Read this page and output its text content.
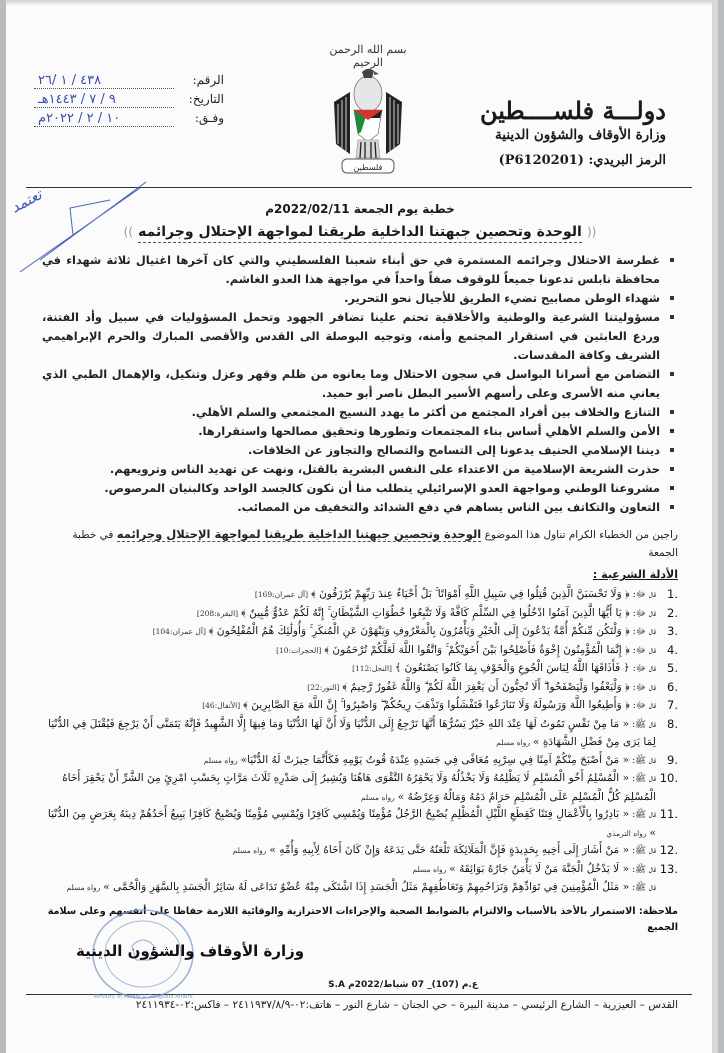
دولـــة فلســــطين
وزارة الأوقاف والشؤون الدينية
الرمز البريدي: (P6120201)
بسم الله الرحمن الرحيم
فلسطين
الرقم:
٤٣٨ / ١ /٢٦
التاريخ:
٩ / ٧ / ١٤٤٣هـ
وفـق:
١٠ / ٢ / ٢٠٢٢م
تعتمد	خطبة يوم الجمعة 2022/02/11م
(( الوحدة وتحصين جبهتنا الداخلية طريقنا لمواجهة الإحتلال وجرائمه ))
غطرسة الاحتلال وجرائمه المستمرة في حق أبناء شعبنا الفلسطيني والتي كان آخرها اغتيال ثلاثة شهداء في محافظة نابلس تدعونا جميعاً للوقوف صفاً واحداً في مواجهة هذا العدو الغاشم.
شهداء الوطن مصابيح تضيء الطريق للأجيال نحو التحرير.
مسؤوليتنا الشرعية والوطنية والأخلاقية تحتم علينا تضافر الجهود وتحمل المسؤوليات في سبيل وأد الفتنة، وردع العابثين في استقرار المجتمع وأمنه، وتوجيه البوصلة الى القدس والأقصى المبارك والحرم الإبراهيمي الشريف وكافة المقدسات.
التضامن مع أسرانا البواسل في سجون الاحتلال وما يعانوه من ظلم وقهر وعزل وتنكيل، والإهمال الطبي الذي يعاني منه الأسرى وعلى رأسهم الأسير البطل ناصر أبو حميد.
التنازع والخلاف بين أفراد المجتمع من أكثر ما يهدد النسيج المجتمعي والسلم الأهلي.
الأمن والسلم الأهلي أساس بناء المجتمعات وتطورها وتحقيق مصالحها واستقرارها.
ديننا الإسلامي الحنيف يدعونا إلى التسامح والتصالح والتجاوز عن الخلافات.
حذرت الشريعة الإسلامية من الاعتداء على النفس البشرية بالقتل، ونهت عن تهديد الناس وترويعهم.
مشروعنا الوطني ومواجهة العدو الإسرائيلي يتطلب منا أن نكون كالجسد الواحد وكالبنيان المرصوص.
التعاون والتكاتف بين الناس يساهم في دفع الشدائد والتخفيف من المصائب.
راجين من الخطباء الكرام تناول هذا الموضوع الوحدة وتحصين جبهتنا الداخلية طريقنا لمواجهة الإحتلال وجرائمه في خطبة الجمعة
الأدلة الشرعية :
1.
قال ﷻ:﴿ وَلَا تَحْسَبَنَّ الَّذِينَ قُتِلُوا فِي سَبِيلِ اللَّهِ أَمْوَاتًا ۚ بَلْ أَحْيَاءٌ عِندَ رَبِّهِمْ يُرْزَقُونَ ﴾[آل عمران:169]
2.
قال ﷻ:﴿ يَا أَيُّهَا الَّذِينَ آمَنُوا ادْخُلُوا فِي السِّلْمِ كَافَّةً وَلَا تَتَّبِعُوا خُطُوَاتِ الشَّيْطَانِ ۚ إِنَّهُ لَكُمْ عَدُوٌّ مُّبِينٌ ﴾[البقرة:208]
3.
قال ﷻ:﴿ وَلْتَكُن مِّنكُمْ أُمَّةٌ يَدْعُونَ إِلَى الْخَيْرِ وَيَأْمُرُونَ بِالْمَعْرُوفِ وَيَنْهَوْنَ عَنِ الْمُنكَرِ ۚ وَأُولَٰئِكَ هُمُ الْمُفْلِحُونَ ﴾[آل عمران:104]
4.
قال ﷻ:﴿ إِنَّمَا الْمُؤْمِنُونَ إِخْوَةٌ فَأَصْلِحُوا بَيْنَ أَخَوَيْكُمْ ۚ وَاتَّقُوا اللَّهَ لَعَلَّكُمْ تُرْحَمُونَ ﴾[الحجرات:10]
5.
قال ﷻ:﴿ فَأَذَاقَهَا اللَّهُ لِبَاسَ الْجُوعِ وَالْخَوْفِ بِمَا كَانُوا يَصْنَعُونَ ﴾[النحل:112]
6.
قال ﷻ:﴿ وَلْيَعْفُوا وَلْيَصْفَحُوا ۗ أَلَا تُحِبُّونَ أَن يَغْفِرَ اللَّهُ لَكُمْ ۗ وَاللَّهُ غَفُورٌ رَّحِيمٌ ﴾[النور:22]
7.
قال ﷻ:﴿ وَأَطِيعُوا اللَّهَ وَرَسُولَهُ وَلَا تَنَازَعُوا فَتَفْشَلُوا وَتَذْهَبَ رِيحُكُمْ ۖ وَاصْبِرُوا ۚ إِنَّ اللَّهَ مَعَ الصَّابِرِينَ ﴾[الأنفال:46]
8.
قال ﷺ:« مَا مِنْ نَفْسٍ تَمُوتُ لَهَا عِنْدَ اللهِ خَيْرٌ يَسُرُّهَا أَنَّهَا تَرْجِعُ إِلَى الدُّنْيَا وَلَا أَنَّ لَهَا الدُّنْيَا وَمَا فِيهَا إِلَّا الشَّهِيدُ فَإِنَّهُ يَتَمَنَّى أَنْ يَرْجِعَ فَيُقْتَلَ فِي الدُّنْيَا لِمَا يَرَى مِنْ فَضْلِ الشَّهَادَةِ »رواه مسلم
9.
قال ﷺ:« مَنْ أَصْبَحَ مِنْكُمْ آمِنًا فِي سِرْبِهِ مُعَافًى فِي جَسَدِهِ عِنْدَهُ قُوتُ يَوْمِهِ فَكَأَنَّمَا حِيزَتْ لَهُ الدُّنْيَا»رواه مسلم
10.
قال ﷺ:« الْمُسْلِمُ أَخُو الْمُسْلِمِ لَا يَظْلِمُهُ وَلَا يَخْذُلُهُ وَلَا يَحْقِرُهُ التَّقْوَى هَاهُنَا وَيُشِيرُ إِلَى صَدْرِهِ ثَلَاثَ مَرَّاتٍ بِحَسْبِ امْرِئٍ مِنَ الشَّرِّ أَنْ يَحْقِرَ أَخَاهُ الْمُسْلِمَ كُلُّ الْمُسْلِمِ عَلَى الْمُسْلِمِ حَرَامٌ دَمُهُ وَمَالُهُ وَعِرْضُهُ »رواه مسلم
11.
قال ﷺ:« بَادِرُوا بِالْأَعْمَالِ فِتَنًا كَقِطَعِ اللَّيْلِ الْمُظْلِمِ يُصْبِحُ الرَّجُلُ مُؤْمِنًا وَيُمْسِي كَافِرًا وَيُمْسِي مُؤْمِنًا وَيُصْبِحُ كَافِرًا يَبِيعُ أَحَدُهُمْ دِينَهُ بِعَرَضٍ مِنَ الدُّنْيَا »رواه الترمذي
12.
قال ﷺ:« مَنْ أَشَارَ إِلَى أَخِيهِ بِحَدِيدَةٍ فَإِنَّ الْمَلَائِكَةَ تَلْعَنُهُ حَتَّى يَدَعَهُ وَإِنْ كَانَ أَخَاهُ لِأَبِيهِ وَأُمِّهِ »رواه مسلم
13.
قال ﷺ:« لَا يَدْخُلُ الْجَنَّةَ مَنْ لَا يَأْمَنُ جَارُهُ بَوَائِقَهُ »رواه مسلم
قال ﷺ:« مَثَلُ الْمُؤْمِنِينَ فِي تَوَادِّهِمْ وَتَرَاحُمِهِمْ وَتَعَاطُفِهِمْ مَثَلُ الْجَسَدِ إِذَا اشْتَكَى مِنْهُ عُضْوٌ تَدَاعَى لَهُ سَائِرُ الْجَسَدِ بِالسَّهَرِ وَالْحُمَّى »رواه مسلم
ملاحظة: الاستمرار بالأخذ بالأسباب والالتزام بالضوابط الصحية والإجراءات الاحترازية والوقائية اللازمة حفاظا على أنفسهم وعلى سلامة الجميع
Ministry of Awqaf & Religious Affairs
وزارة الأوقاف والشؤون الدينية
ع.م (107)_ 07 شباط/2022م S.A
القدس – العيزرية – الشارع الرئيسي – مدينة البيرة – حي الجنان – شارع النور – هاتف:٠٢-٢٤١١٩٣٧/٨/٩ – فاكس:٠٢-٢٤١١٩٣٤
